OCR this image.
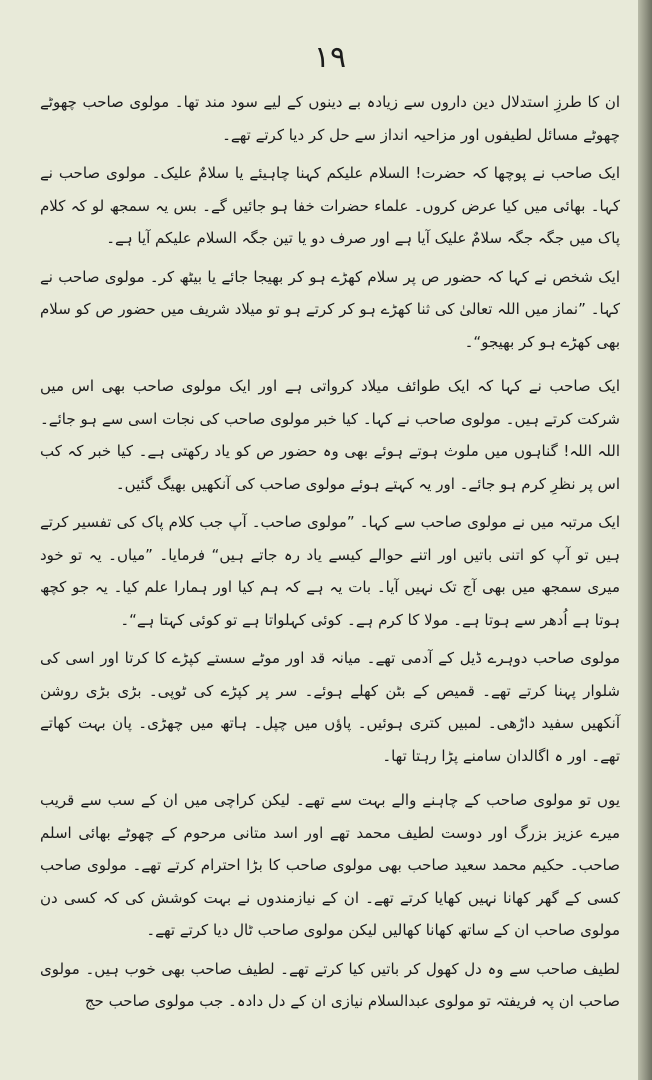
١٩

ان کا طرزِ استدلال دین داروں سے زیادہ بے دینوں کے لیے سود مند تھا۔ مولوی صاحب چھوٹے چھوٹے مسائل لطیفوں اور مزاحیہ انداز سے حل کر دیا کرتے تھے۔

ایک صاحب نے پوچھا کہ حضرت! السلام علیکم کہنا چاہیئے یا سلامٌ علیک۔ مولوی صاحب نے کہا۔ بھائی میں کیا عرض کروں۔ علماء حضرات خفا ہو جائیں گے۔ بس یہ سمجھ لو کہ کلام پاک میں جگہ جگہ سلامٌ علیک آیا ہے اور صرف دو یا تین جگہ السلام علیکم آیا ہے۔

ایک شخص نے کہا کہ حضور ص پر سلام کھڑے ہو کر بھیجا جائے یا بیٹھ کر۔ مولوی صاحب نے کہا۔ ”نماز میں اللہ تعالیٰ کی ثنا کھڑے ہو کر کرتے ہو تو میلاد شریف میں حضور ص کو سلام بھی کھڑے ہو کر بھیجو“۔

ایک صاحب نے کہا کہ ایک طوائف میلاد کرواتی ہے اور ایک مولوی صاحب بھی اس میں شرکت کرتے ہیں۔ مولوی صاحب نے کہا۔ کیا خبر مولوی صاحب کی نجات اسی سے ہو جائے۔ اللہ اللہ! گناہوں میں ملوث ہوتے ہوئے بھی وہ حضور ص کو یاد رکھتی ہے۔ کیا خبر کہ کب اس پر نظرِ کرم ہو جائے۔ اور یہ کہتے ہوئے مولوی صاحب کی آنکھیں بھیگ گئیں۔

ایک مرتبہ میں نے مولوی صاحب سے کہا۔ ”مولوی صاحب۔ آپ جب کلام پاک کی تفسیر کرتے ہیں تو آپ کو اتنی باتیں اور اتنے حوالے کیسے یاد رہ جاتے ہیں“ فرمایا۔ ”میاں۔ یہ تو خود میری سمجھ میں بھی آج تک نہیں آیا۔ بات یہ ہے کہ ہم کیا اور ہمارا علم کیا۔ یہ جو کچھ ہوتا ہے اُدھر سے ہوتا ہے۔ مولا کا کرم ہے۔ کوئی کہلواتا ہے تو کوئی کہتا ہے“۔

مولوی صاحب دوہرے ڈیل کے آدمی تھے۔ میانہ قد اور موٹے سستے کپڑے کا کرتا اور اسی کی شلوار پہنا کرتے تھے۔ قمیص کے بٹن کھلے ہوئے۔ سر پر کپڑے کی ٹوپی۔ بڑی بڑی روشن آنکھیں سفید داڑھی۔ لمبیں کتری ہوئیں۔ پاؤں میں چپل۔ ہاتھ میں چھڑی۔ پان بہت کھاتے تھے۔ اور ہ اگالدان سامنے پڑا رہتا تھا۔

یوں تو مولوی صاحب کے چاہنے والے بہت سے تھے۔ لیکن کراچی میں ان کے سب سے قریب میرے عزیز بزرگ اور دوست لطیف محمد تھے اور اسد متانی مرحوم کے چھوٹے بھائی اسلم صاحب۔ حکیم محمد سعید صاحب بھی مولوی صاحب کا بڑا احترام کرتے تھے۔ مولوی صاحب کسی کے گھر کھانا نہیں کھایا کرتے تھے۔ ان کے نیازمندوں نے بہت کوشش کی کہ کسی دن مولوی صاحب ان کے ساتھ کھانا کھالیں لیکن مولوی صاحب ٹال دیا کرتے تھے۔

لطیف صاحب سے وہ دل کھول کر باتیں کیا کرتے تھے۔ لطیف صاحب بھی خوب ہیں۔ مولوی صاحب ان پہ فریفتہ تو مولوی عبدالسلام نیازی ان کے دل دادہ۔ جب مولوی صاحب حج
